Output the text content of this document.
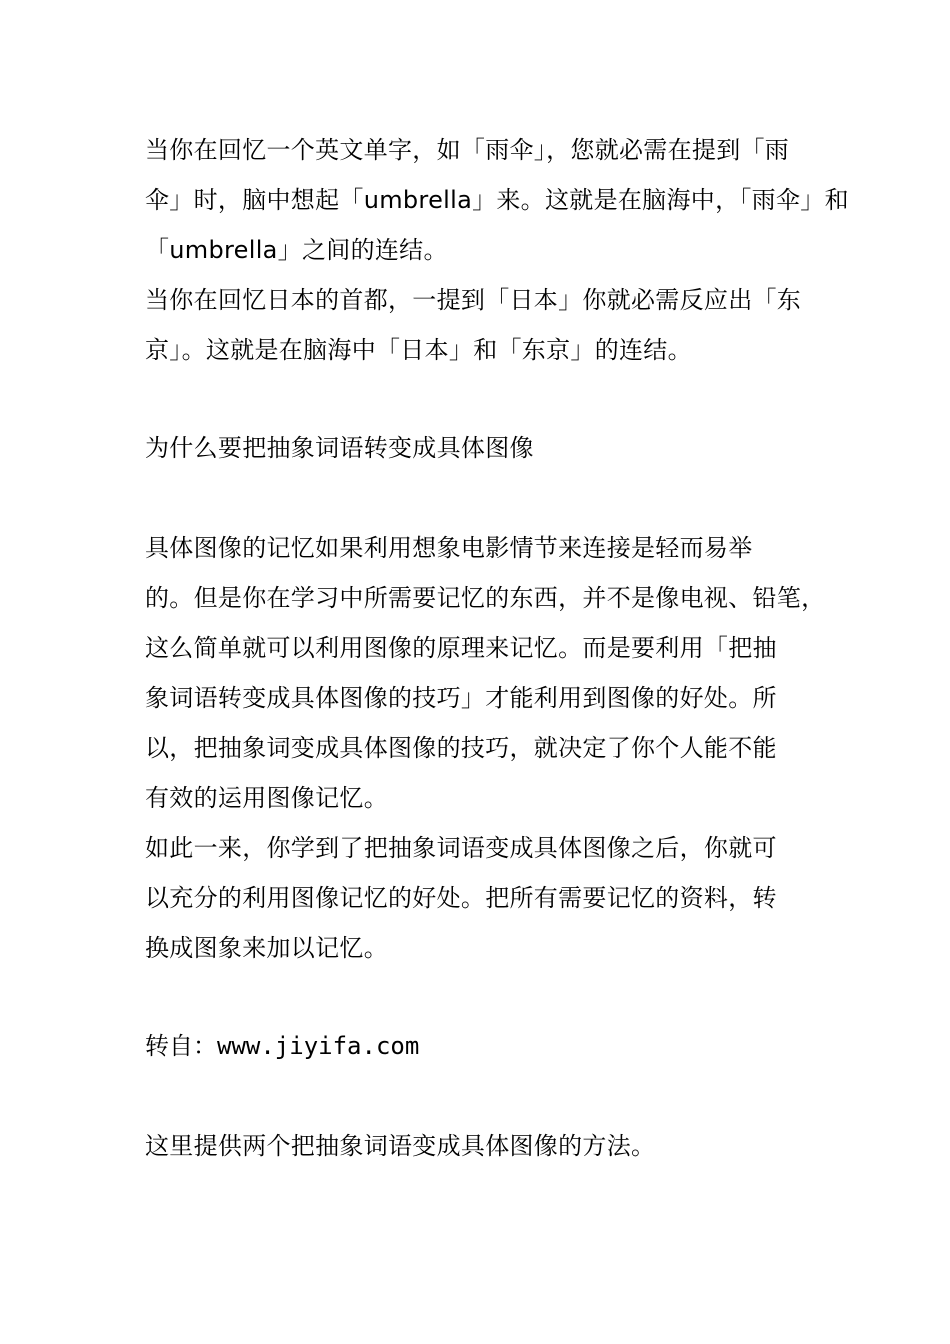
当你在回忆一个英文单字，如「雨伞」，您就必需在提到「雨
伞」时，脑中想起「umbrella」来。这就是在脑海中，「雨伞」和
「umbrella」之间的连结。
当你在回忆日本的首都，一提到「日本」你就必需反应出「东
京」。这就是在脑海中「日本」和「东京」的连结。
为什么要把抽象词语转变成具体图像
具体图像的记忆如果利用想象电影情节来连接是轻而易举
的。但是你在学习中所需要记忆的东西，并不是像电视、铅笔，
这么简单就可以利用图像的原理来记忆。而是要利用「把抽
象词语转变成具体图像的技巧」才能利用到图像的好处。所
以，把抽象词变成具体图像的技巧，就决定了你个人能不能
有效的运用图像记忆。
如此一来，你学到了把抽象词语变成具体图像之后，你就可
以充分的利用图像记忆的好处。把所有需要记忆的资料，转
换成图象来加以记忆。
转自：www.jiyifa.com
这里提供两个把抽象词语变成具体图像的方法。
